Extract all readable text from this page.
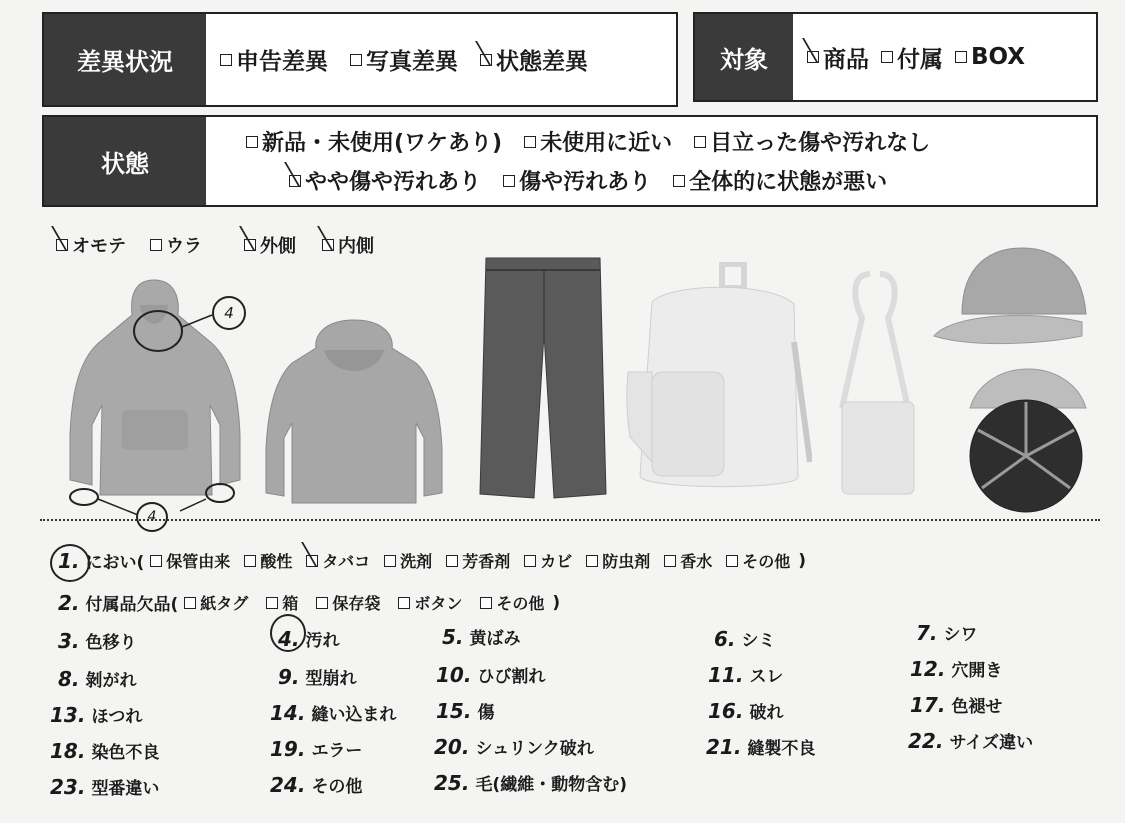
差異状況	申告差異 写真差異 状態差異	対象	商品 付属 BOX
状態
新品・未使用(ワケあり) 未使用に近い 目立った傷や汚れなし
やや傷や汚れあり 傷や汚れあり 全体的に状態が悪い
オモテ ウラ	外側 内側
4
4
1. におい( 保管由来 酸性 タバコ 洗剤 芳香剤 カビ 防虫剤 香水 その他 )
2. 付属品欠品( 紙タグ 箱 保存袋 ボタン その他 )
3. 色移り	4. 汚れ	5. 黄ばみ	6. シミ	7. シワ
8. 剝がれ	9. 型崩れ	10. ひび割れ	11. スレ	12. 穴開き
13. ほつれ	14. 縫い込まれ 15. 傷	16. 破れ	17. 色褪せ
18. 染色不良	19. エラー	20. シュリンク破れ	21. 縫製不良	22. サイズ違い
23. 型番違い	24. その他	25. 毛(繊維・動物含む)
